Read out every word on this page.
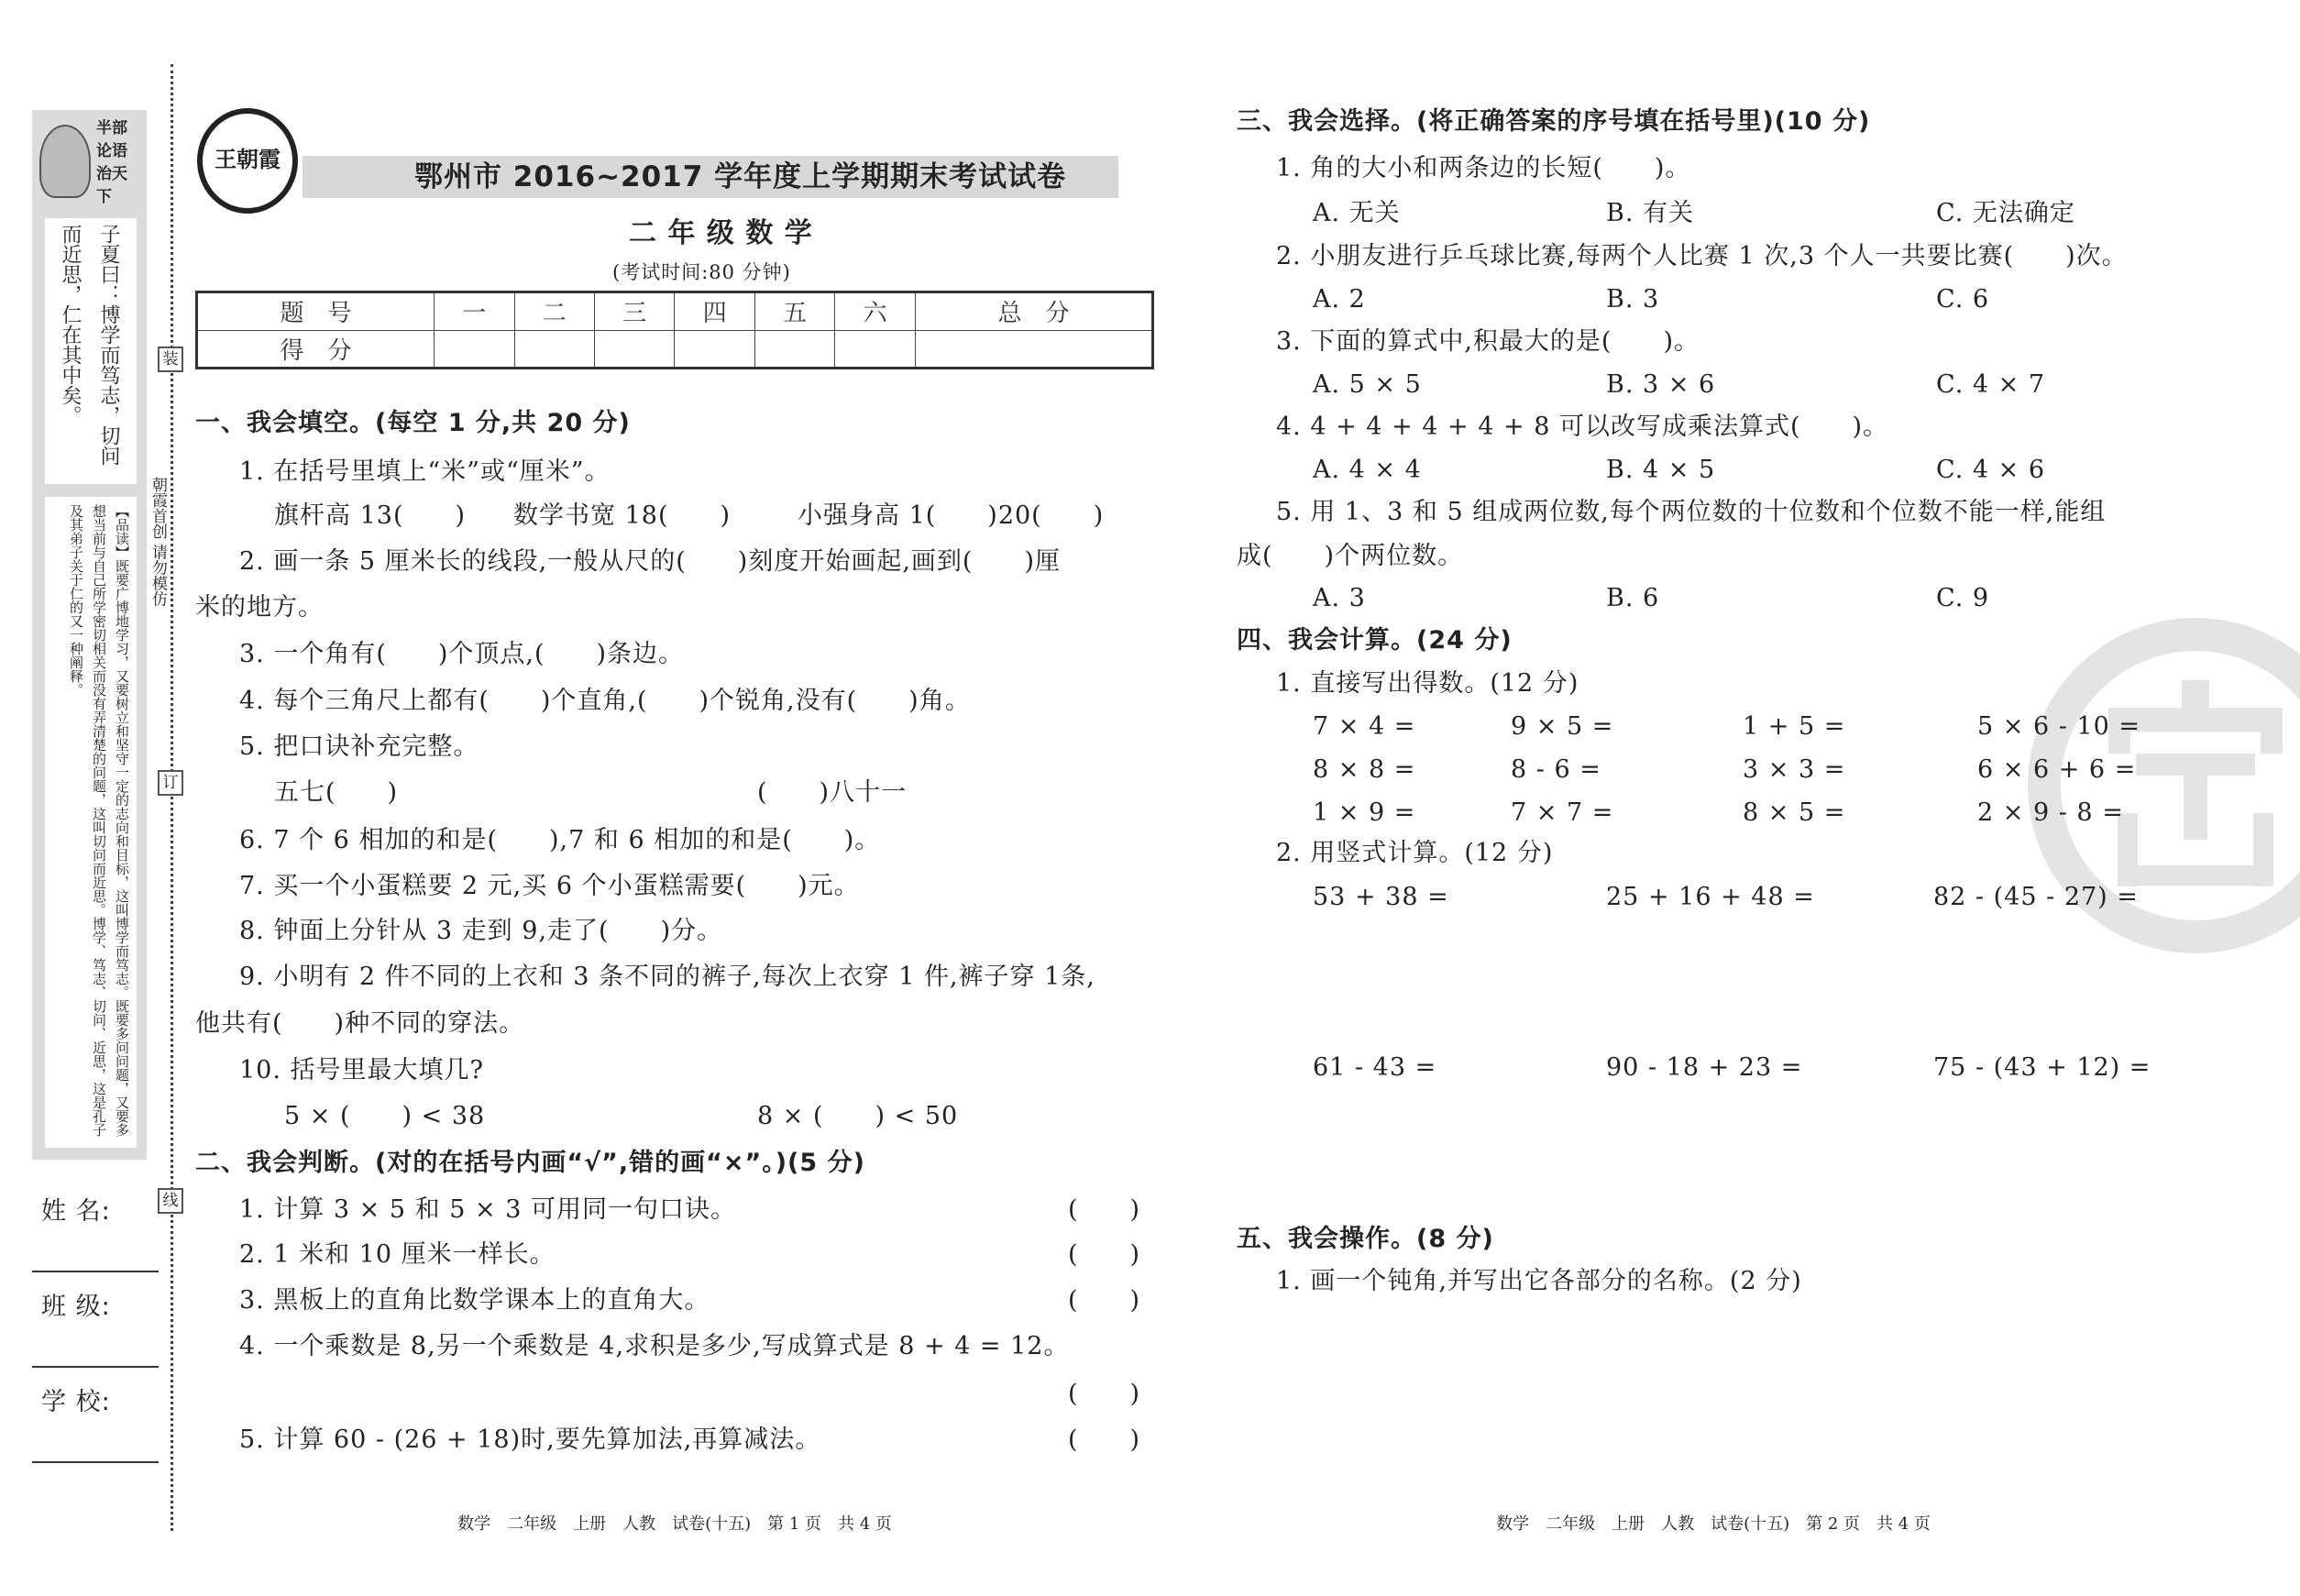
半部论语治天下
子夏曰：博学而笃志，切问而近思，仁在其中矣。
【品读】既要广博地学习，又要树立和坚守一定的志向和目标，这叫博学而笃志。既要多问问题，又要多想当前与自己所学密切相关而没有弄清楚的问题，这叫切问而近思。博学、笃志、切问、近思，这是孔子及其弟子关于仁的又一种阐释。
姓 名:
班 级:
学 校:
装
订
线
朝霞首创 请勿模仿
王朝霞
鄂州市 2016~2017 学年度上学期期末考试试卷
二 年 级 数 学
(考试时间:80 分钟)
题　号	一	二	三	四	五	六	总　分
得　分							
一、我会填空。(每空 1 分,共 20 分)
1. 在括号里填上“米”或“厘米”。
旗杆高 13(　　) 数学书宽 18(　　)	小强身高 1(　　)20(　　)
2. 画一条 5 厘米长的线段,一般从尺的(　　)刻度开始画起,画到(　　)厘
米的地方。
3. 一个角有(　　)个顶点,(　　)条边。
4. 每个三角尺上都有(　　)个直角,(　　)个锐角,没有(　　)角。
5. 把口诀补充完整。
五七(　　)	(　　)八十一
6. 7 个 6 相加的和是(　　),7 和 6 相加的和是(　　)。
7. 买一个小蛋糕要 2 元,买 6 个小蛋糕需要(　　)元。
8. 钟面上分针从 3 走到 9,走了(　　)分。
9. 小明有 2 件不同的上衣和 3 条不同的裤子,每次上衣穿 1 件,裤子穿 1条,
他共有(　　)种不同的穿法。
10. 括号里最大填几?
5 × (　　) < 38	8 × (　　) < 50
二、我会判断。(对的在括号内画“√”,错的画“×”。)(5 分)
1. 计算 3 × 5 和 5 × 3 可用同一句口诀。	(　　)
2. 1 米和 10 厘米一样长。	(　　)
3. 黑板上的直角比数学课本上的直角大。	(　　)
4. 一个乘数是 8,另一个乘数是 4,求积是多少,写成算式是 8 + 4 = 12。
(　　)
5. 计算 60 - (26 + 18)时,要先算加法,再算减法。	(　　)
三、我会选择。(将正确答案的序号填在括号里)(10 分)
1. 角的大小和两条边的长短(　　)。
A. 无关	B. 有关	C. 无法确定
2. 小朋友进行乒乓球比赛,每两个人比赛 1 次,3 个人一共要比赛(　　)次。
A. 2	B. 3	C. 6
3. 下面的算式中,积最大的是(　　)。
A. 5 × 5	B. 3 × 6	C. 4 × 7
4. 4 + 4 + 4 + 4 + 8 可以改写成乘法算式(　　)。
A. 4 × 4	B. 4 × 5	C. 4 × 6
5. 用 1、3 和 5 组成两位数,每个两位数的十位数和个位数不能一样,能组
成(　　)个两位数。
A. 3	B. 6	C. 9
四、我会计算。(24 分)
1. 直接写出得数。(12 分)
7 × 4 =	9 × 5 =	1 + 5 =	5 × 6 - 10 =
8 × 8 =	8 - 6 =	3 × 3 =	6 × 6 + 6 =
1 × 9 =	7 × 7 =	8 × 5 =	2 × 9 - 8 =
2. 用竖式计算。(12 分)
53 + 38 =	25 + 16 + 48 =	82 - (45 - 27) =
61 - 43 =	90 - 18 + 23 =	75 - (43 + 12) =
五、我会操作。(8 分)
1. 画一个钝角,并写出它各部分的名称。(2 分)
数学　二年级　上册　人教　试卷(十五)　第 1 页　共 4 页	数学　二年级　上册　人教　试卷(十五)　第 2 页　共 4 页
